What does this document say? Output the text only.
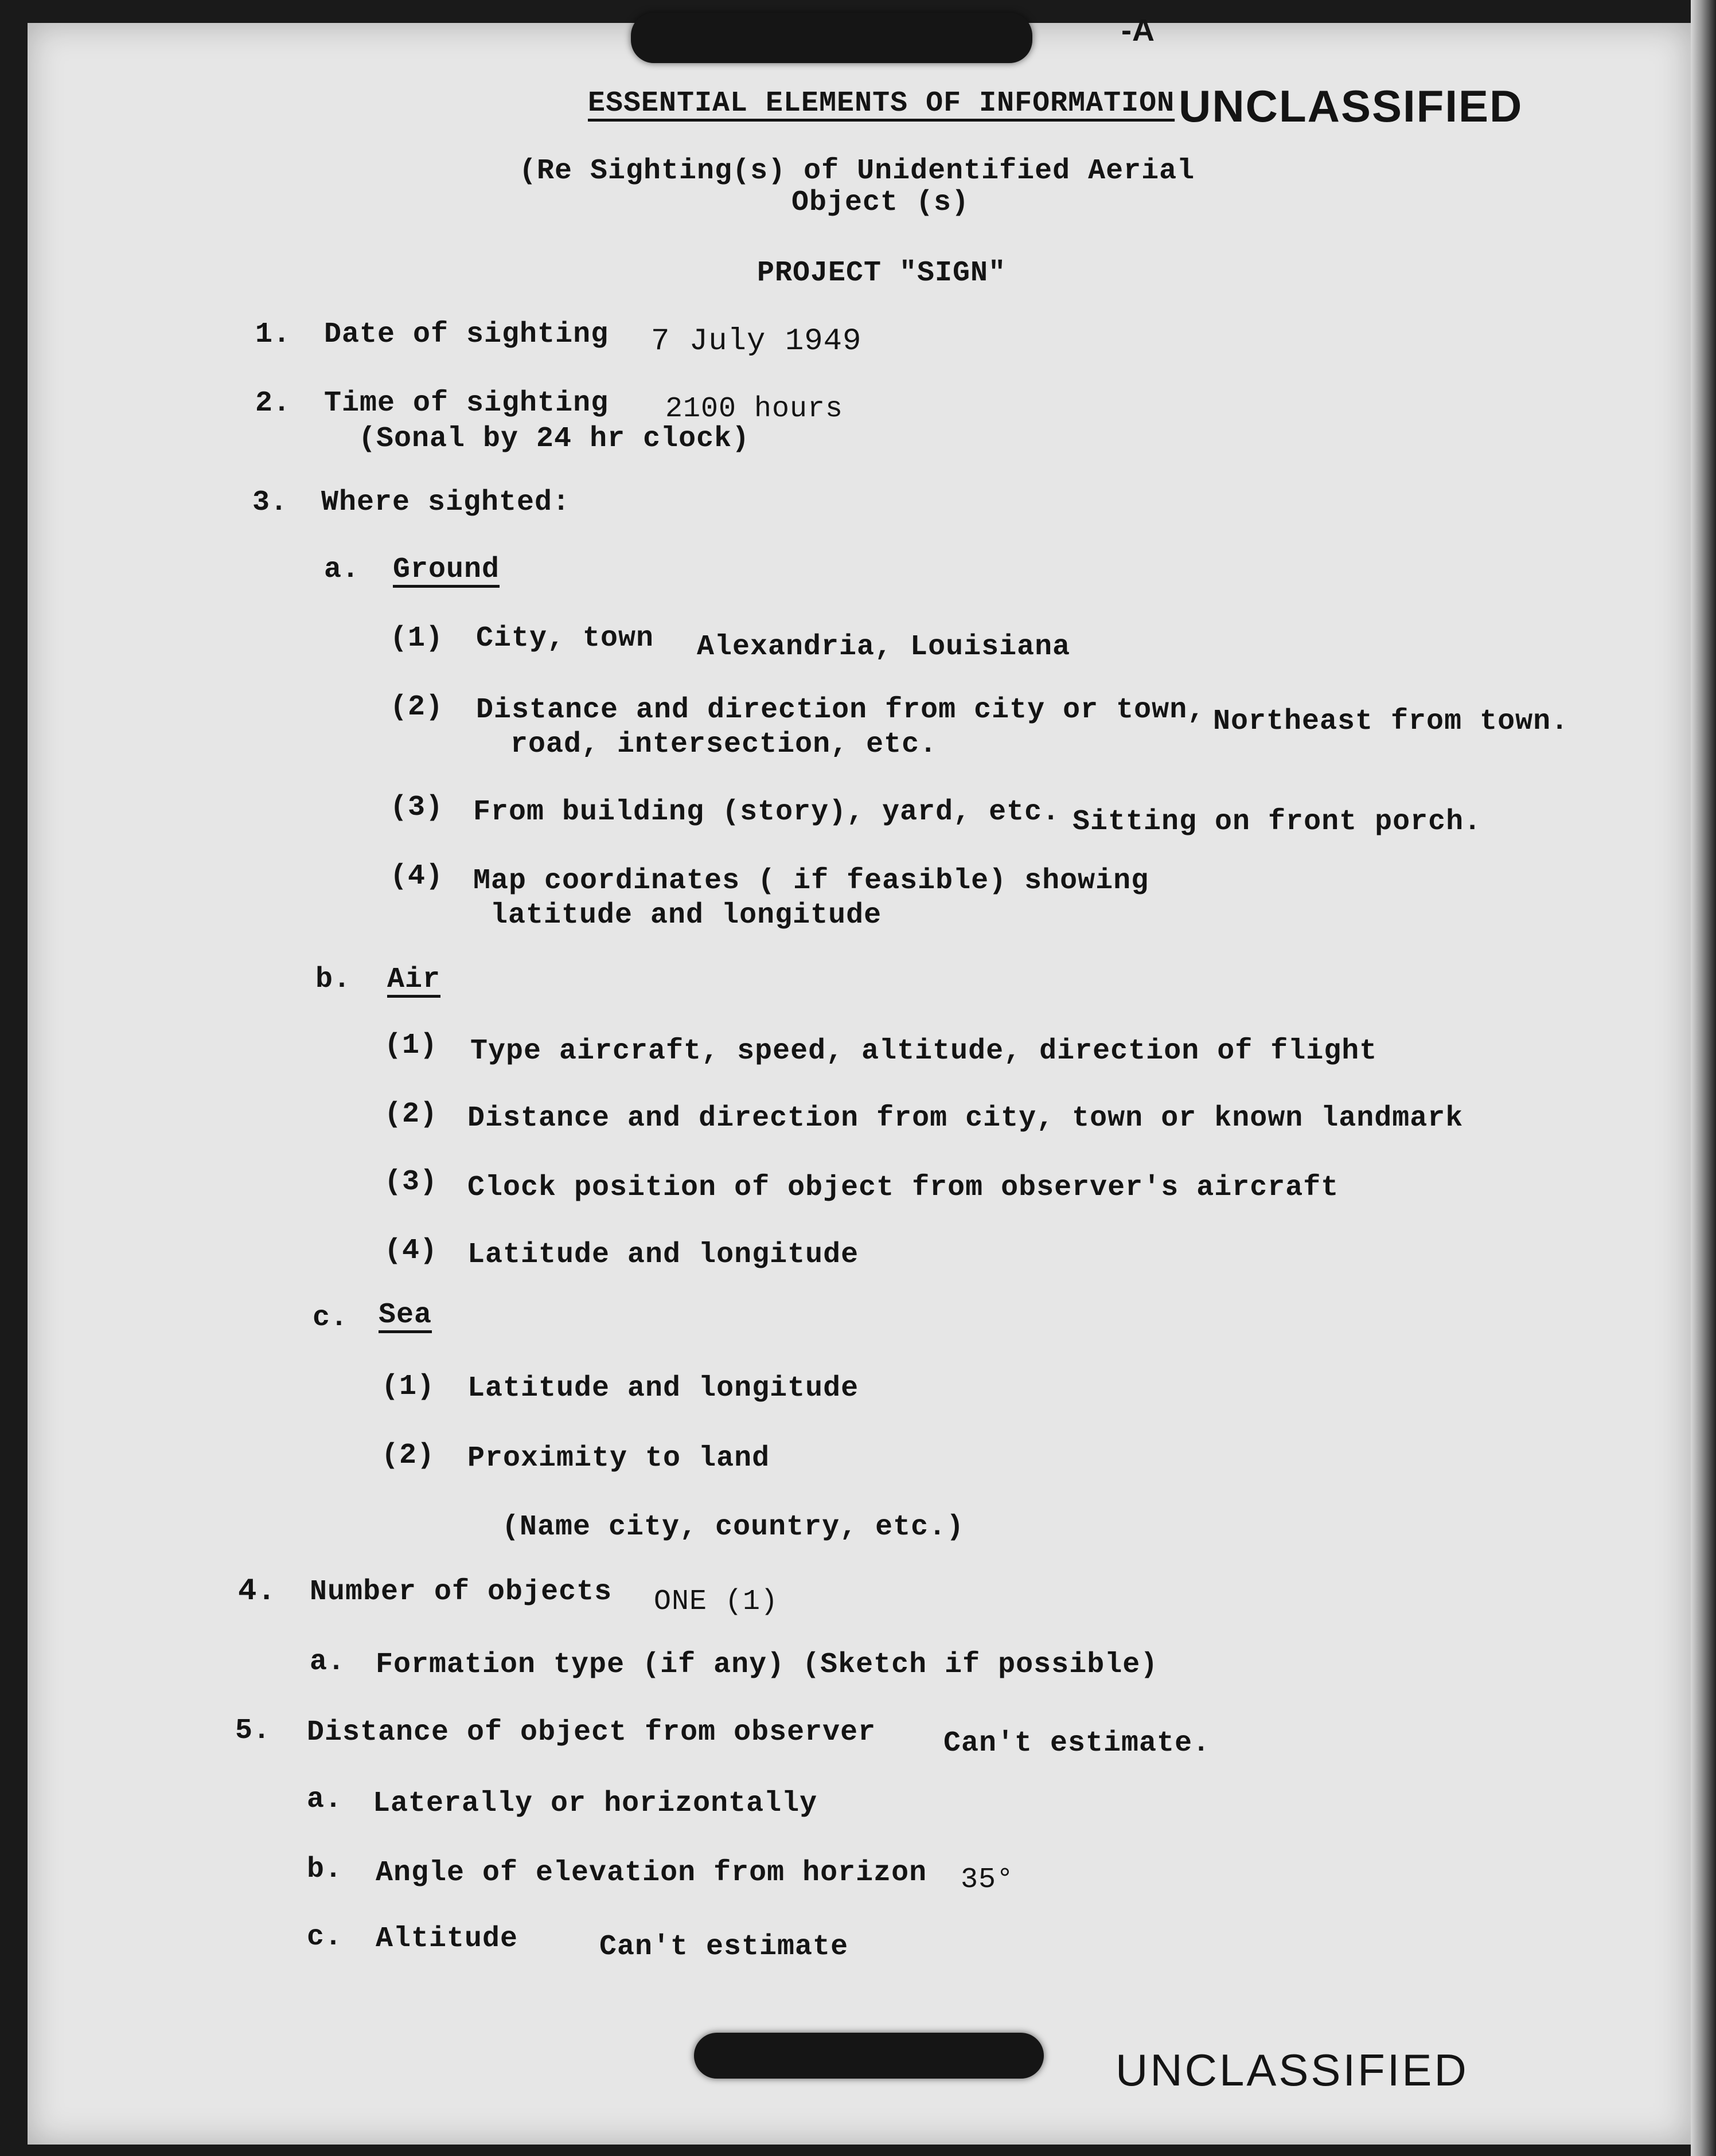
-A
ESSENTIAL ELEMENTS OF INFORMATION UNCLASSIFIED
(Re Sighting(s) of Unidentified Aerial
Object (s)
PROJECT "SIGN"
1. Date of sighting 7 July 1949
2. Time of sighting 2100 hours
(Sonal by 24 hr clock)
3. Where sighted:
a. Ground
(1) City, town Alexandria, Louisiana
(2) Distance and direction from city or town, Northeast from town.
road, intersection, etc.
(3) From building (story), yard, etc. Sitting on front porch.
(4) Map coordinates ( if feasible) showing
latitude and longitude
b. Air
(1) Type aircraft, speed, altitude, direction of flight
(2) Distance and direction from city, town or known landmark
(3) Clock position of object from observer's aircraft
(4) Latitude and longitude
c. Sea
(1) Latitude and longitude
(2) Proximity to land
(Name city, country, etc.)
4. Number of objects ONE (1)
a. Formation type (if any) (Sketch if possible)
5. Distance of object from observer Can't estimate.
a. Laterally or horizontally
b. Angle of elevation from horizon 35°
c. Altitude	Can't estimate
UNCLASSIFIED
